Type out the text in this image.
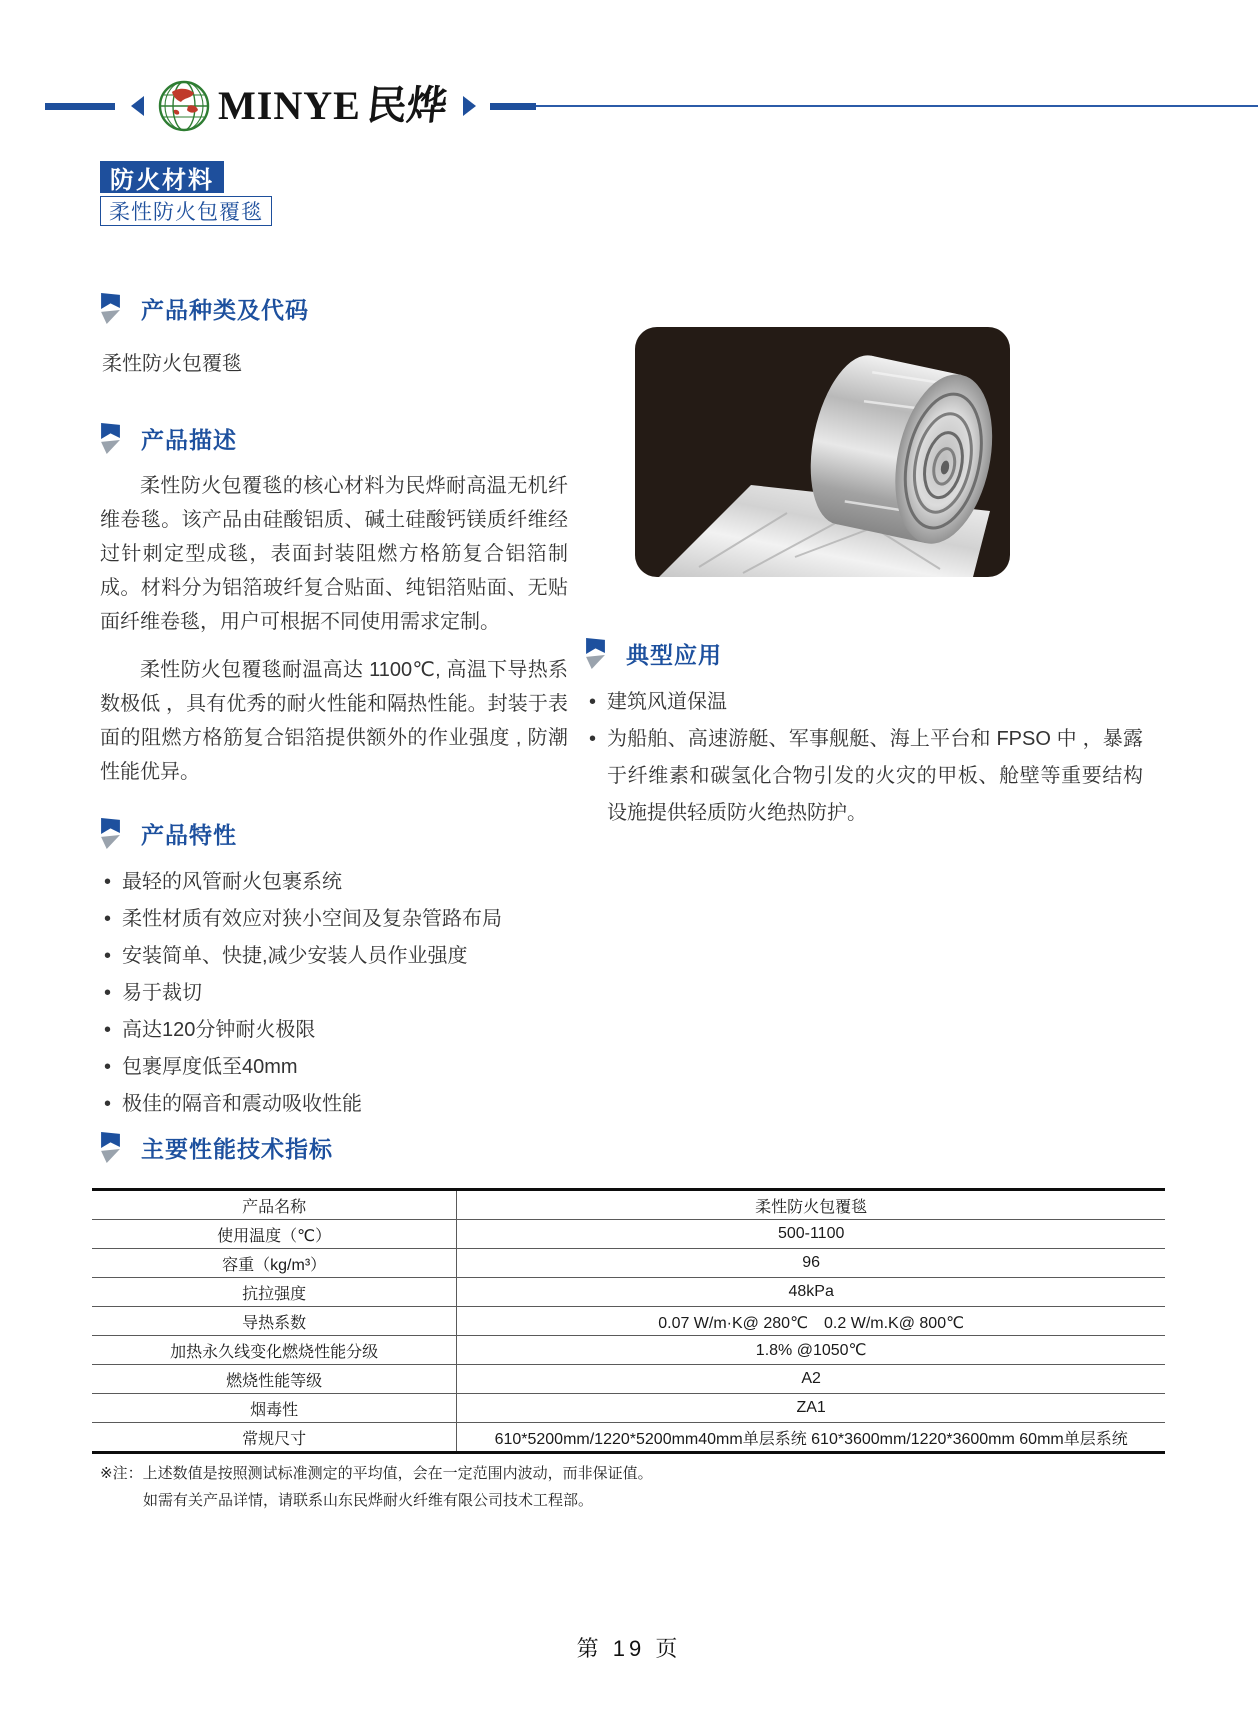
MINYE 民烨
防火材料
柔性防火包覆毯
产品种类及代码
柔性防火包覆毯
产品描述

柔性防火包覆毯的核心材料为民烨耐高温无机纤维卷毯。该产品由硅酸铝质、碱土硅酸钙镁质纤维经过针刺定型成毯，表面封装阻燃方格筋复合铝箔制成。材料分为铝箔玻纤复合贴面、纯铝箔贴面、无贴面纤维卷毯，用户可根据不同使用需求定制。

柔性防火包覆毯耐温高达 1100℃, 高温下导热系数极低 ，具有优秀的耐火性能和隔热性能。封装于表面的阻燃方格筋复合铝箔提供额外的作业强度 , 防潮性能优异。

产品特性
• 最轻的风管耐火包裹系统
• 柔性材质有效应对狭小空间及复杂管路布局
• 安装简单、快捷,减少安装人员作业强度
• 易于裁切
• 高达120分钟耐火极限
• 包裹厚度低至40mm
• 极佳的隔音和震动吸收性能
典型应用
• 建筑风道保温
• 为船舶、高速游艇、军事舰艇、海上平台和 FPSO 中 ，暴露于纤维素和碳氢化合物引发的火灾的甲板、舱壁等重要结构设施提供轻质防火绝热防护。
主要性能技术指标
产品名称	柔性防火包覆毯
使用温度（℃）	500-1100
容重（kg/m³）	96
抗拉强度	48kPa
导热系数	0.07 W/m·K@ 280℃　0.2 W/m.K@ 800℃
加热永久线变化燃烧性能分级	1.8% @1050℃
燃烧性能等级	A2
烟毒性	ZA1
常规尺寸	610*5200mm/1220*5200mm40mm单层系统 610*3600mm/1220*3600mm 60mm单层系统
※注：上述数值是按照测试标准测定的平均值，会在一定范围内波动，而非保证值。
如需有关产品详情，请联系山东民烨耐火纤维有限公司技术工程部。
第 19 页
